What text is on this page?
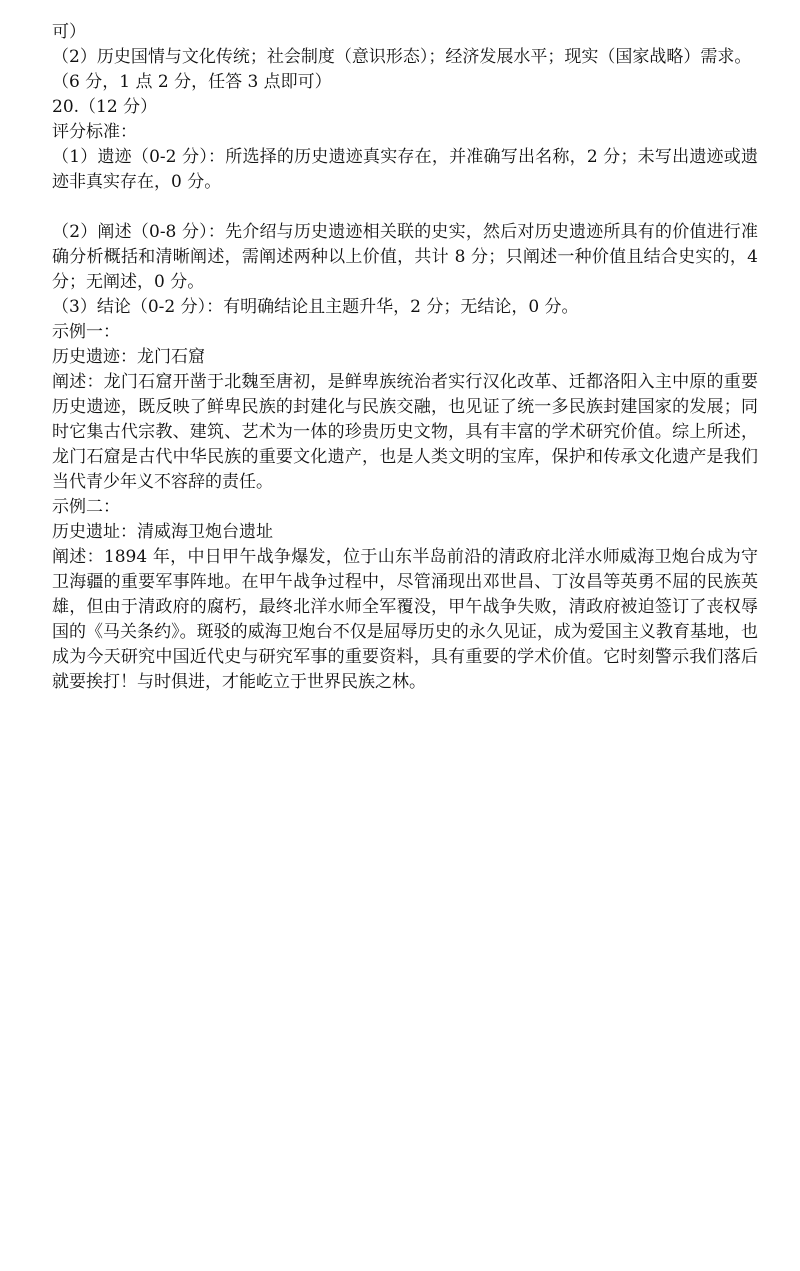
可）
（2）历史国情与文化传统；社会制度（意识形态）；经济发展水平；现实（国家战略）需求。
（6 分，1 点 2 分，任答 3 点即可）
20.（12 分）
评分标准：
（1）遗迹（0-2 分）：所选择的历史遗迹真实存在，并准确写出名称，2 分；未写出遗迹或遗迹非真实存在，0 分。
（2）阐述（0-8 分）：先介绍与历史遗迹相关联的史实，然后对历史遗迹所具有的价值进行准确分析概括和清晰阐述，需阐述两种以上价值，共计 8 分；只阐述一种价值且结合史实的，4 分；无阐述，0 分。
（3）结论（0-2 分）：有明确结论且主题升华，2 分；无结论，0 分。
示例一：
历史遗迹：龙门石窟
阐述：龙门石窟开凿于北魏至唐初，是鲜卑族统治者实行汉化改革、迁都洛阳入主中原的重要历史遗迹，既反映了鲜卑民族的封建化与民族交融，也见证了统一多民族封建国家的发展；同时它集古代宗教、建筑、艺术为一体的珍贵历史文物，具有丰富的学术研究价值。综上所述，龙门石窟是古代中华民族的重要文化遗产，也是人类文明的宝库，保护和传承文化遗产是我们当代青少年义不容辞的责任。
示例二：
历史遗址：清威海卫炮台遗址
阐述：1894 年，中日甲午战争爆发，位于山东半岛前沿的清政府北洋水师威海卫炮台成为守卫海疆的重要军事阵地。在甲午战争过程中，尽管涌现出邓世昌、丁汝昌等英勇不屈的民族英雄，但由于清政府的腐朽，最终北洋水师全军覆没，甲午战争失败，清政府被迫签订了丧权辱国的《马关条约》。斑驳的威海卫炮台不仅是屈辱历史的永久见证，成为爱国主义教育基地，也成为今天研究中国近代史与研究军事的重要资料，具有重要的学术价值。它时刻警示我们落后就要挨打！与时俱进，才能屹立于世界民族之林。
